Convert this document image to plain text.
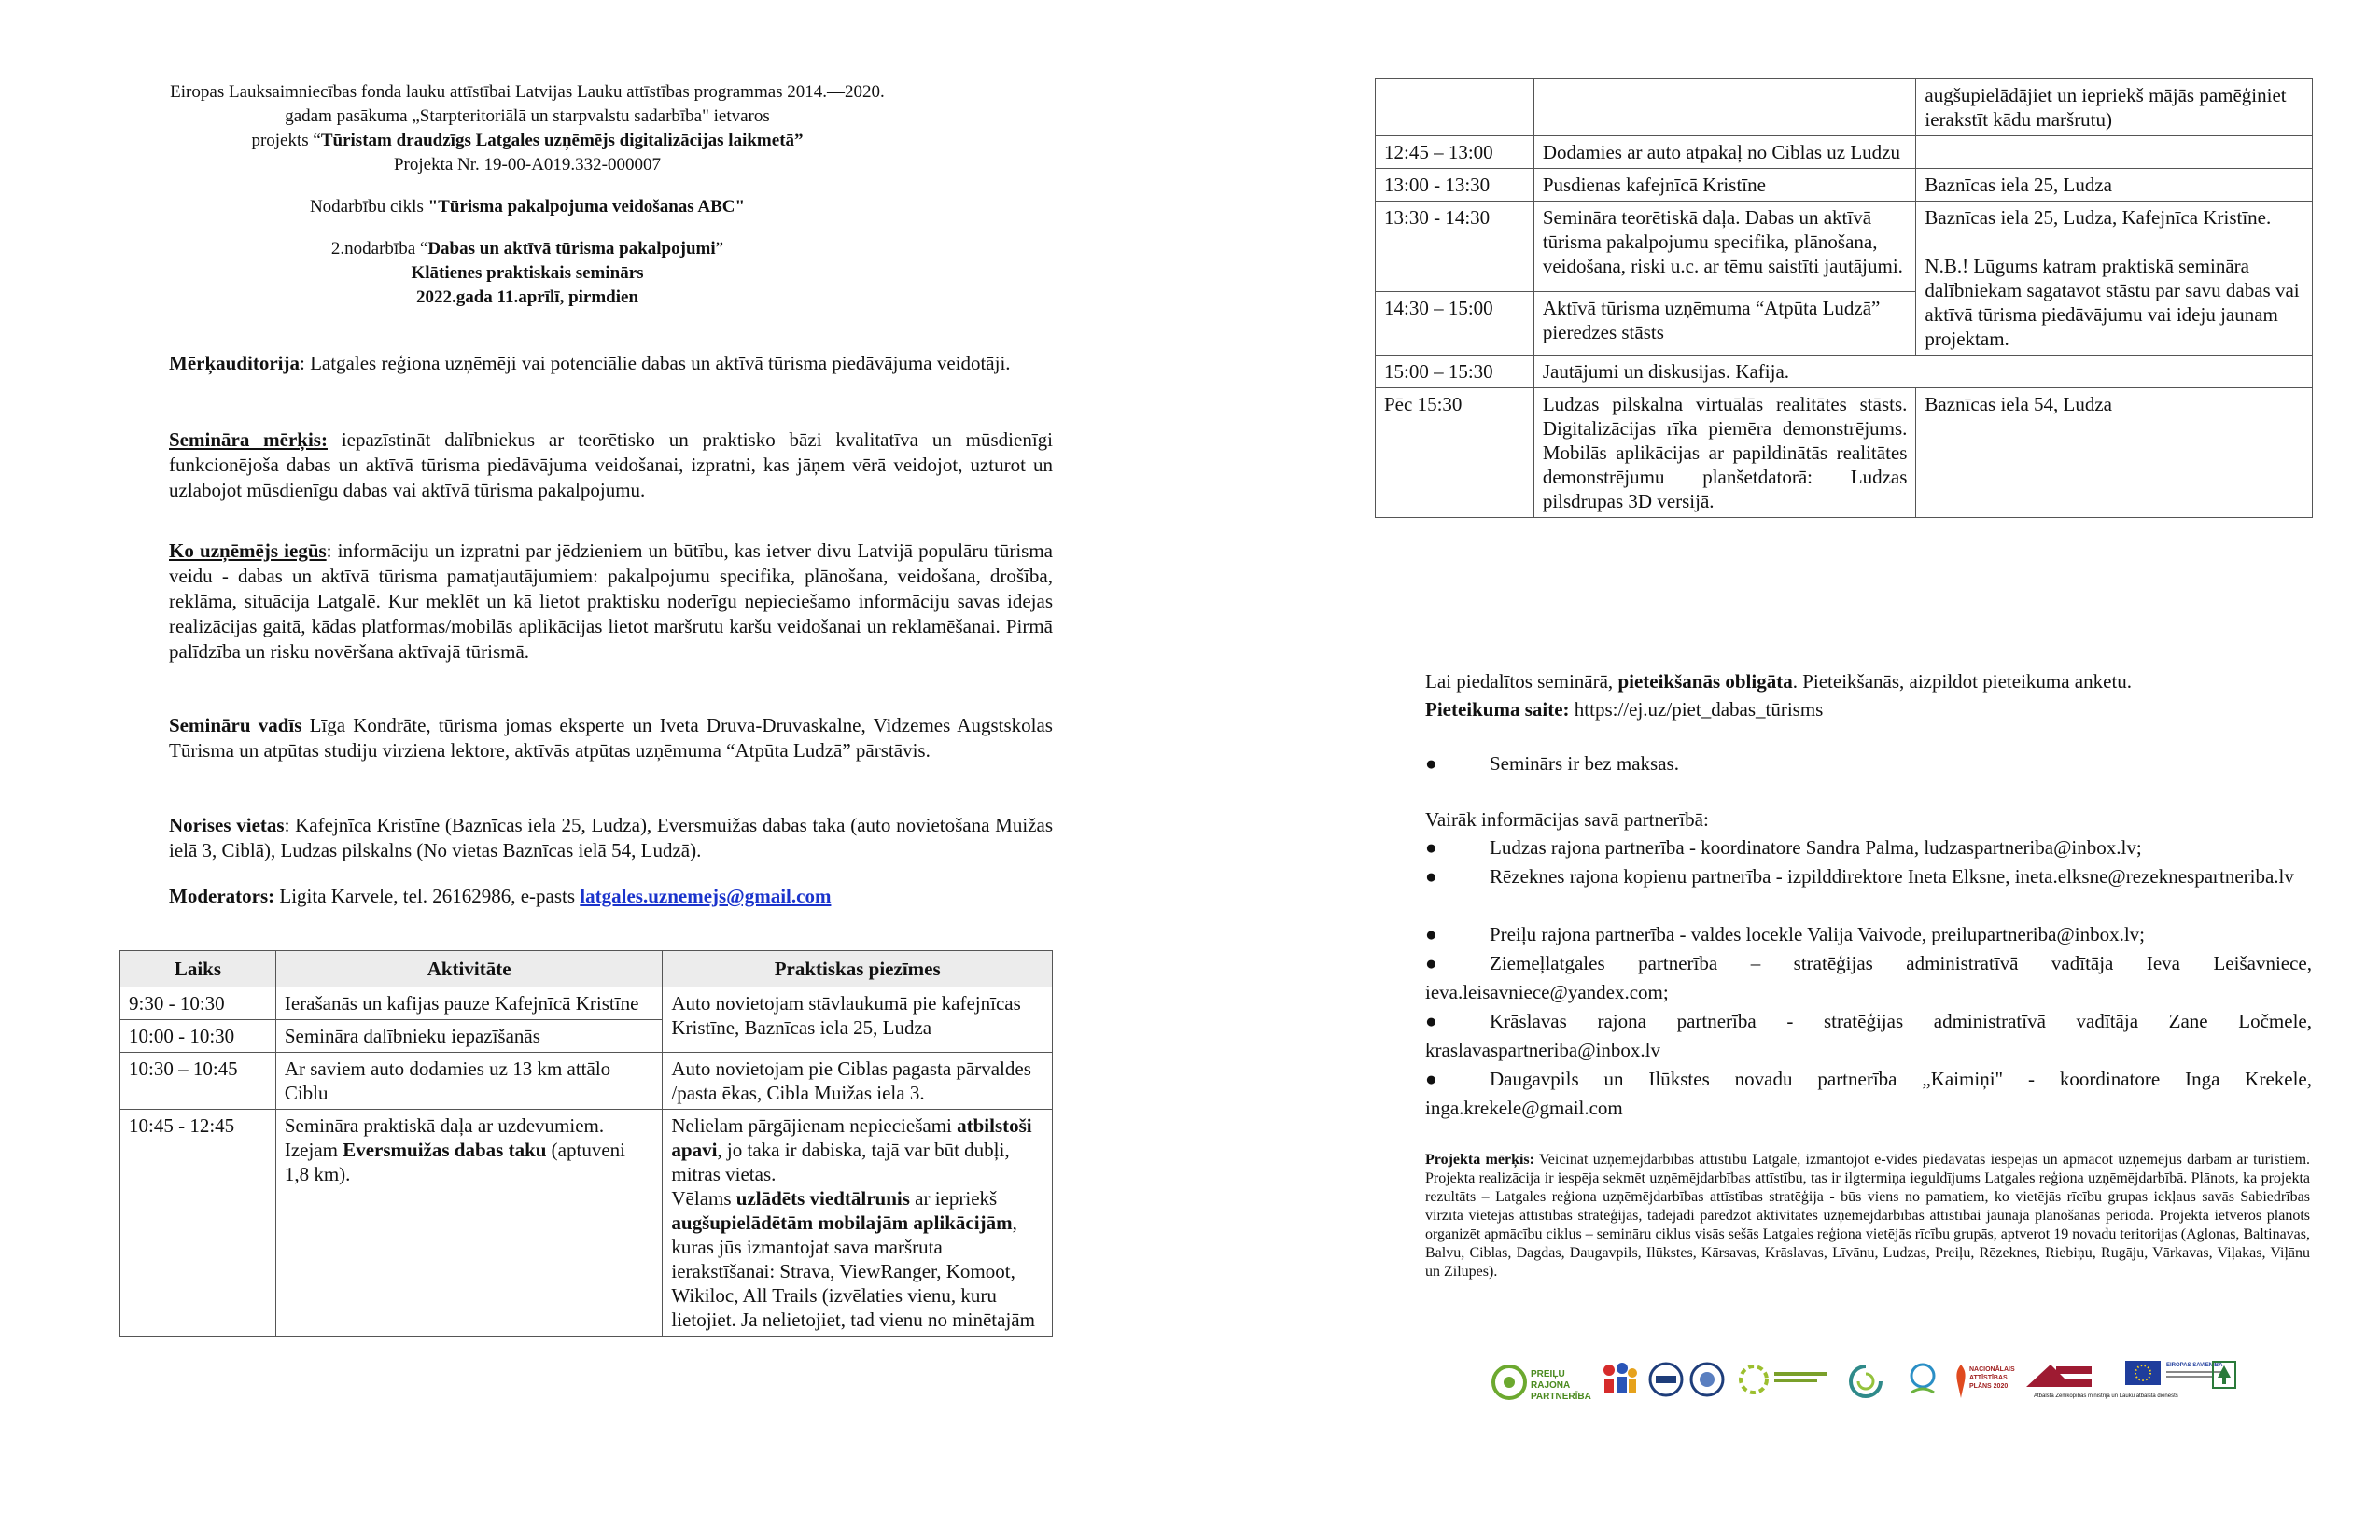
Eiropas Lauksaimniecības fonda lauku attīstībai Latvijas Lauku attīstības programmas 2014.—2020.

gadam pasākuma „Starpteritoriālā un starpvalstu sadarbība" ietvaros

projekts “Tūristam draudzīgs Latgales uzņēmējs digitalizācijas laikmetā”

Projekta Nr. 19-00-A019.332-000007

Nodarbību cikls "Tūrisma pakalpojuma veidošanas ABC"

2.nodarbība “Dabas un aktīvā tūrisma pakalpojumi”

Klātienes praktiskais seminārs

2022.gada 11.aprīlī, pirmdien

Mērķauditorija: Latgales reģiona uzņēmēji vai potenciālie dabas un aktīvā tūrisma piedāvājuma veidotāji.
Semināra mērķis: iepazīstināt dalībniekus ar teorētisko un praktisko bāzi kvalitatīva un mūsdienīgi funkcionējoša dabas un aktīvā tūrisma piedāvājuma veidošanai, izpratni, kas jāņem vērā veidojot, uzturot un uzlabojot mūsdienīgu dabas vai aktīvā tūrisma pakalpojumu.
Ko uzņēmējs iegūs: informāciju un izpratni par jēdzieniem un būtību, kas ietver divu Latvijā populāru tūrisma veidu - dabas un aktīvā tūrisma pamatjautājumiem: pakalpojumu specifika, plānošana, veidošana, drošība, reklāma, situācija Latgalē. Kur meklēt un kā lietot praktisku noderīgu nepieciešamo informāciju savas idejas realizācijas gaitā, kādas platformas/mobilās aplikācijas lietot maršrutu karšu veidošanai un reklamēšanai. Pirmā palīdzība un risku novēršana aktīvajā tūrismā.
Semināru vadīs Līga Kondrāte, tūrisma jomas eksperte un Iveta Druva-Druvaskalne, Vidzemes Augstskolas Tūrisma un atpūtas studiju virziena lektore, aktīvās atpūtas uzņēmuma “Atpūta Ludzā” pārstāvis.
Norises vietas: Kafejnīca Kristīne (Baznīcas iela 25, Ludza), Eversmuižas dabas taka (auto novietošana Muižas ielā 3, Ciblā), Ludzas pilskalns (No vietas Baznīcas ielā 54, Ludzā).
Moderators: Ligita Karvele, tel. 26162986, e-pasts latgales.uznemejs@gmail.com
Laiks	Aktivitāte	Praktiskas piezīmes
9:30 - 10:30	Ierašanās un kafijas pauze Kafejnīcā Kristīne	Auto novietojam stāvlaukumā pie kafejnīcas Kristīne, Baznīcas iela 25, Ludza
10:00 - 10:30	Semināra dalībnieku iepazīšanās	
10:30 – 10:45	Ar saviem auto dodamies uz 13 km attālo Ciblu	Auto novietojam pie Ciblas pagasta pārvaldes /pasta ēkas, Cibla Muižas iela 3.
10:45 - 12:45	Semināra praktiskā daļa ar uzdevumiem. Izejam Eversmuižas dabas taku (aptuveni 1,8 km).	Nelielam pārgājienam nepieciešami atbilstoši apavi, jo taka ir dabiska, tajā var būt dubļi, mitras vietas.
Vēlams uzlādēts viedtālrunis ar iepriekš augšupielādētām mobilajām aplikācijām, kuras jūs izmantojat sava maršruta ierakstīšanai: Strava, ViewRanger, Komoot, Wikiloc, All Trails (izvēlaties vienu, kuru lietojiet. Ja nelietojiet, tad vienu no minētajām
		augšupielādājiet un iepriekš mājās pamēģiniet ierakstīt kādu maršrutu)
12:45 – 13:00	Dodamies ar auto atpakaļ no Ciblas uz Ludzu	
13:00 - 13:30	Pusdienas kafejnīcā Kristīne	Baznīcas iela 25, Ludza
13:30 - 14:30	Semināra teorētiskā daļa. Dabas un aktīvā tūrisma pakalpojumu specifika, plānošana, veidošana, riski u.c. ar tēmu saistīti jautājumi.	Baznīcas iela 25, Ludza, Kafejnīca Kristīne.

N.B.! Lūgums katram praktiskā semināra dalībniekam sagatavot stāstu par savu dabas vai aktīvā tūrisma piedāvājumu vai ideju jaunam projektam.
14:30 – 15:00	Aktīvā tūrisma uzņēmuma “Atpūta Ludzā” pieredzes stāsts	
15:00 – 15:30	Jautājumi un diskusijas. Kafija.	
Pēc 15:30	Ludzas pilskalna virtuālās realitātes stāsts. Digitalizācijas rīka piemēra demonstrējums. Mobilās aplikācijas ar papildinātās realitātes demonstrējumu planšetdatorā: Ludzas pilsdrupas 3D versijā.	Baznīcas iela 54, Ludza
Lai piedalītos seminārā, pieteikšanās obligāta. Pieteikšanās, aizpildot pieteikuma anketu.
Pieteikuma saite: https://ej.uz/piet_dabas_tūrisms
●	Seminārs ir bez maksas.
Vairāk informācijas savā partnerībā:
●	Ludzas rajona partnerība - koordinatore Sandra Palma, ludzaspartneriba@inbox.lv;
●	Rēzeknes rajona kopienu partnerība - izpilddirektore Ineta Elksne, ineta.elksne@rezeknespartneriba.lv
●	Preiļu rajona partnerība - valdes locekle Valija Vaivode, preilupartneriba@inbox.lv;
●	Ziemeļlatgales partnerība – stratēģijas administratīvā vadītāja Ieva Leišavniece, ieva.leisavniece@yandex.com;
●	Krāslavas rajona partnerība - stratēģijas administratīvā vadītāja Zane Ločmele, kraslavaspartneriba@inbox.lv
●	Daugavpils un Ilūkstes novadu partnerība „Kaimiņi" - koordinatore Inga Krekele, inga.krekele@gmail.com
Projekta mērķis: Veicināt uzņēmējdarbības attīstību Latgalē, izmantojot e-vides piedāvātās iespējas un apmācot uzņēmējus darbam ar tūristiem. Projekta realizācija ir iespēja sekmēt uzņēmējdarbības attīstību, tas ir ilgtermiņa ieguldījums Latgales reģiona uzņēmējdarbībā. Plānots, ka projekta rezultāts – Latgales reģiona uzņēmējdarbības attīstības stratēģija - būs viens no pamatiem, ko vietējās rīcību grupas iekļaus savās Sabiedrības virzīta vietējās attīstības stratēģijās, tādējādi paredzot aktivitātes uzņēmējdarbības attīstībai jaunajā plānošanas periodā. Projekta ietveros plānots organizēt apmācību ciklus – semināru ciklus visās sešās Latgales reģiona vietējās rīcību grupās, aptverot 19 novadu teritorijas (Aglonas, Baltinavas, Balvu, Ciblas, Dagdas, Daugavpils, Ilūkstes, Kārsavas, Krāslavas, Līvānu, Ludzas, Preiļu, Rēzeknes, Riebiņu, Rugāju, Vārkavas, Viļakas, Viļānu un Zilupes).
PREIĻU RAJONA
PARTNERĪBA
NACIONĀLAIS
ATTĪSTĪBAS
PLĀNS 2020
Atbalsta Zemkopības ministrija un Lauku atbalsta dienests
EIROPAS SAVIENĪBA
